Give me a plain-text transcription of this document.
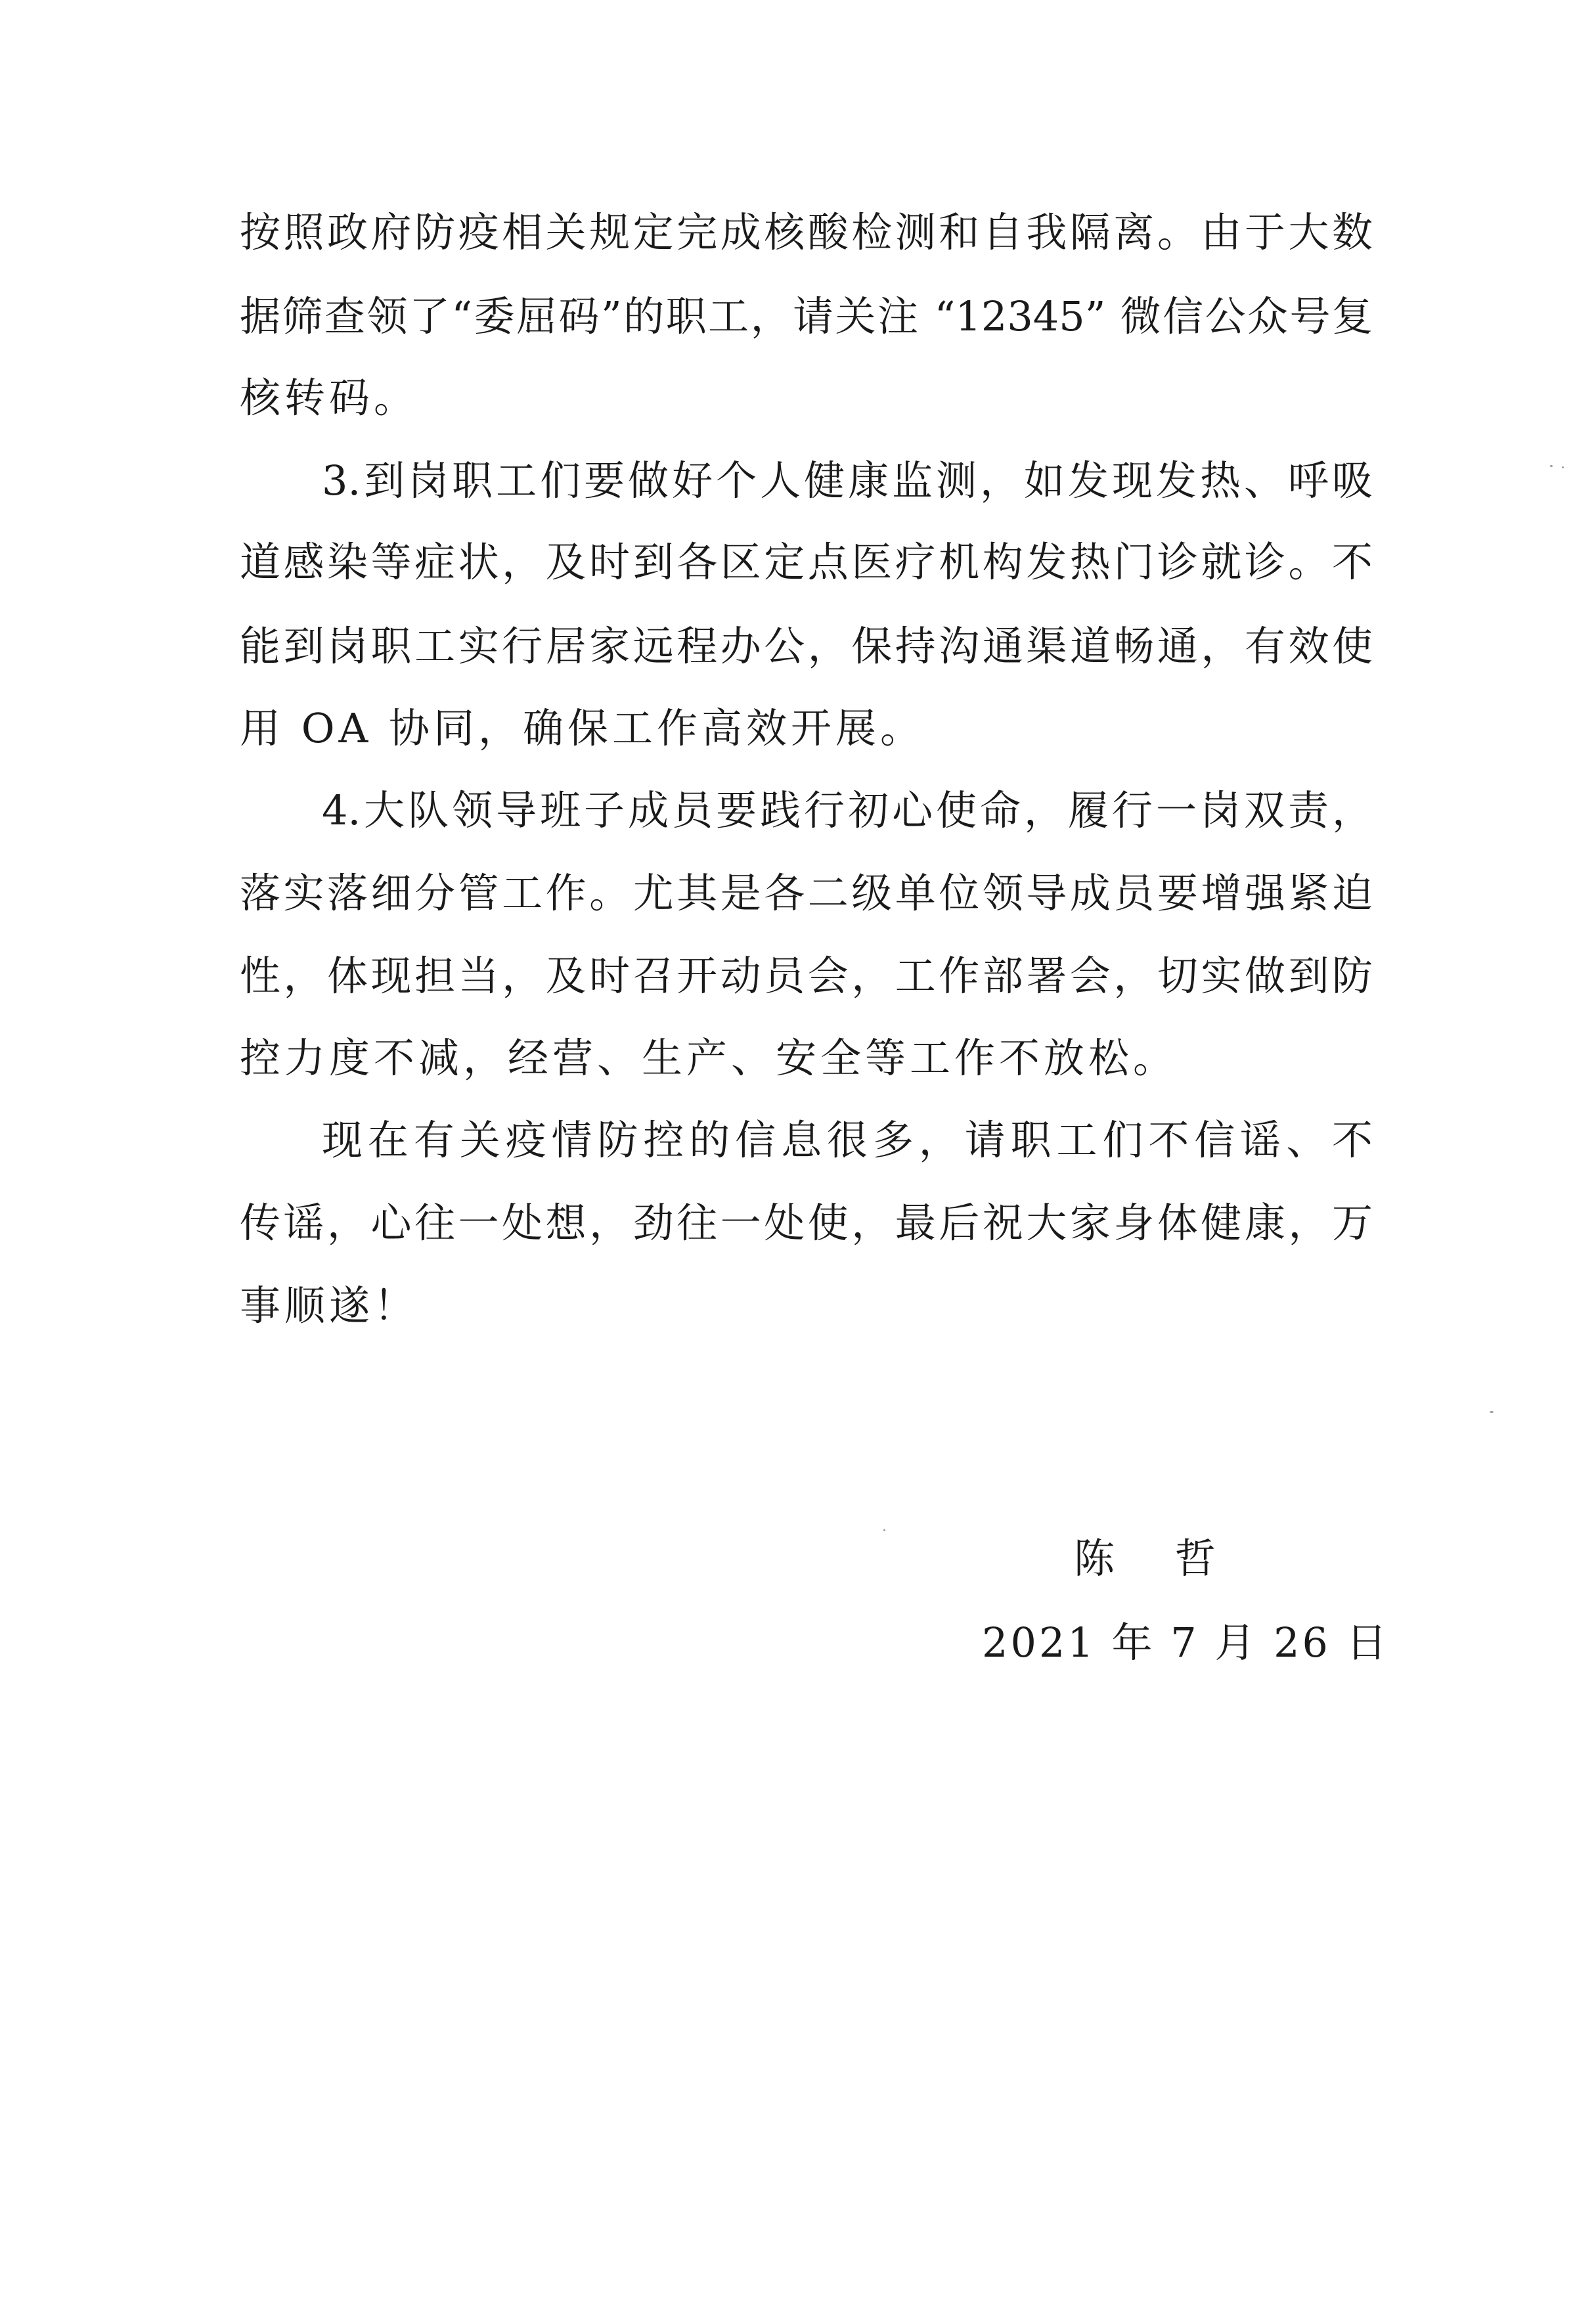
按照政府防疫相关规定完成核酸检测和自我隔离。由于大数
据筛查领了“委屈码”的职工，请关注 “12345” 微信公众号复
核转码。
3.到岗职工们要做好个人健康监测，如发现发热、呼吸
道感染等症状，及时到各区定点医疗机构发热门诊就诊。不
能到岗职工实行居家远程办公，保持沟通渠道畅通，有效使
用 OA 协同，确保工作高效开展。
4.大队领导班子成员要践行初心使命，履行一岗双责，
落实落细分管工作。尤其是各二级单位领导成员要增强紧迫
性，体现担当，及时召开动员会，工作部署会，切实做到防
控力度不减，经营、生产、安全等工作不放松。
现在有关疫情防控的信息很多，请职工们不信谣、不
传谣，心往一处想，劲往一处使，最后祝大家身体健康，万
事顺遂！
陈 哲
2021 年 7 月 26 日
